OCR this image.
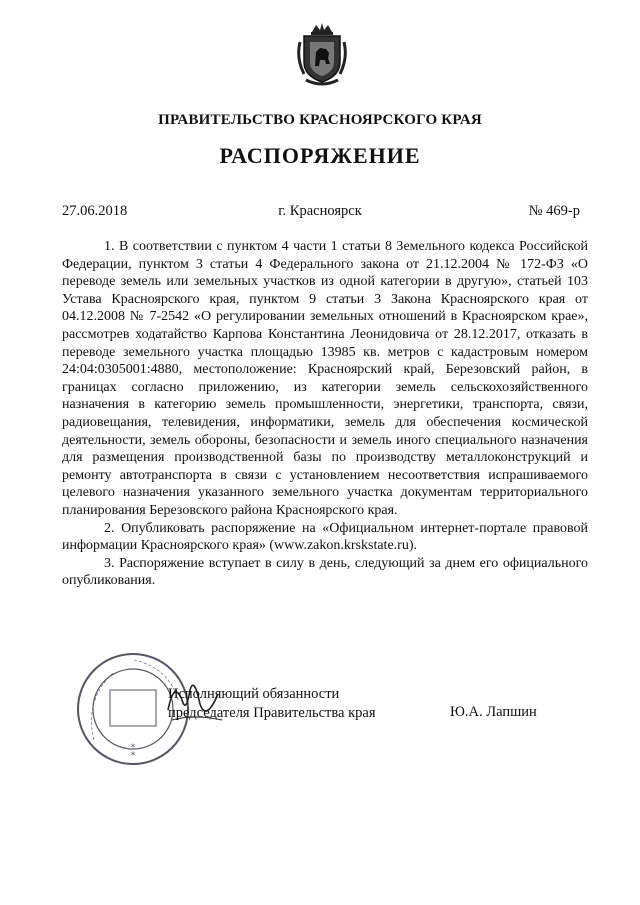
ПРАВИТЕЛЬСТВО КРАСНОЯРСКОГО КРАЯ
РАСПОРЯЖЕНИЕ
27.06.2018	г. Красноярск	№ 469-р

1. В соответствии с пунктом 4 части 1 статьи 8 Земельного кодекса Российской Федерации, пунктом 3 статьи 4 Федерального закона от 21.12.2004 № 172-ФЗ «О переводе земель или земельных участков из одной категории в другую», статьей 103 Устава Красноярского края, пунктом 9 статьи 3 Закона Красноярского края от 04.12.2008 № 7-2542 «О регулировании земельных отношений в Красноярском крае», рассмотрев ходатайство Карпова Константина Леонидовича от 28.12.2017, отказать в переводе земельного участка площадью 13985 кв. метров с кадастровым номером 24:04:0305001:4880, местоположение: Красноярский край, Березовский район, в границах согласно приложению, из категории земель сельскохозяйственного назначения в категорию земель промышленности, энергетики, транспорта, связи, радиовещания, телевидения, информатики, земель для обеспечения космической деятельности, земель обороны, безопасности и земель иного специального назначения для размещения производственной базы по производству металлоконструкций и ремонту автотранспорта в связи с установлением несоответствия испрашиваемого целевого назначения указанного земельного участка документам территориального планирования Березовского района Красноярского края.

2. Опубликовать распоряжение на «Официальном интернет-портале правовой информации Красноярского края» (www.zakon.krskstate.ru).

3. Распоряжение вступает в силу в день, следующий за днем его официального опубликования.

*
*
Исполняющий обязанности
председателя Правительства края	Ю.А. Лапшин
